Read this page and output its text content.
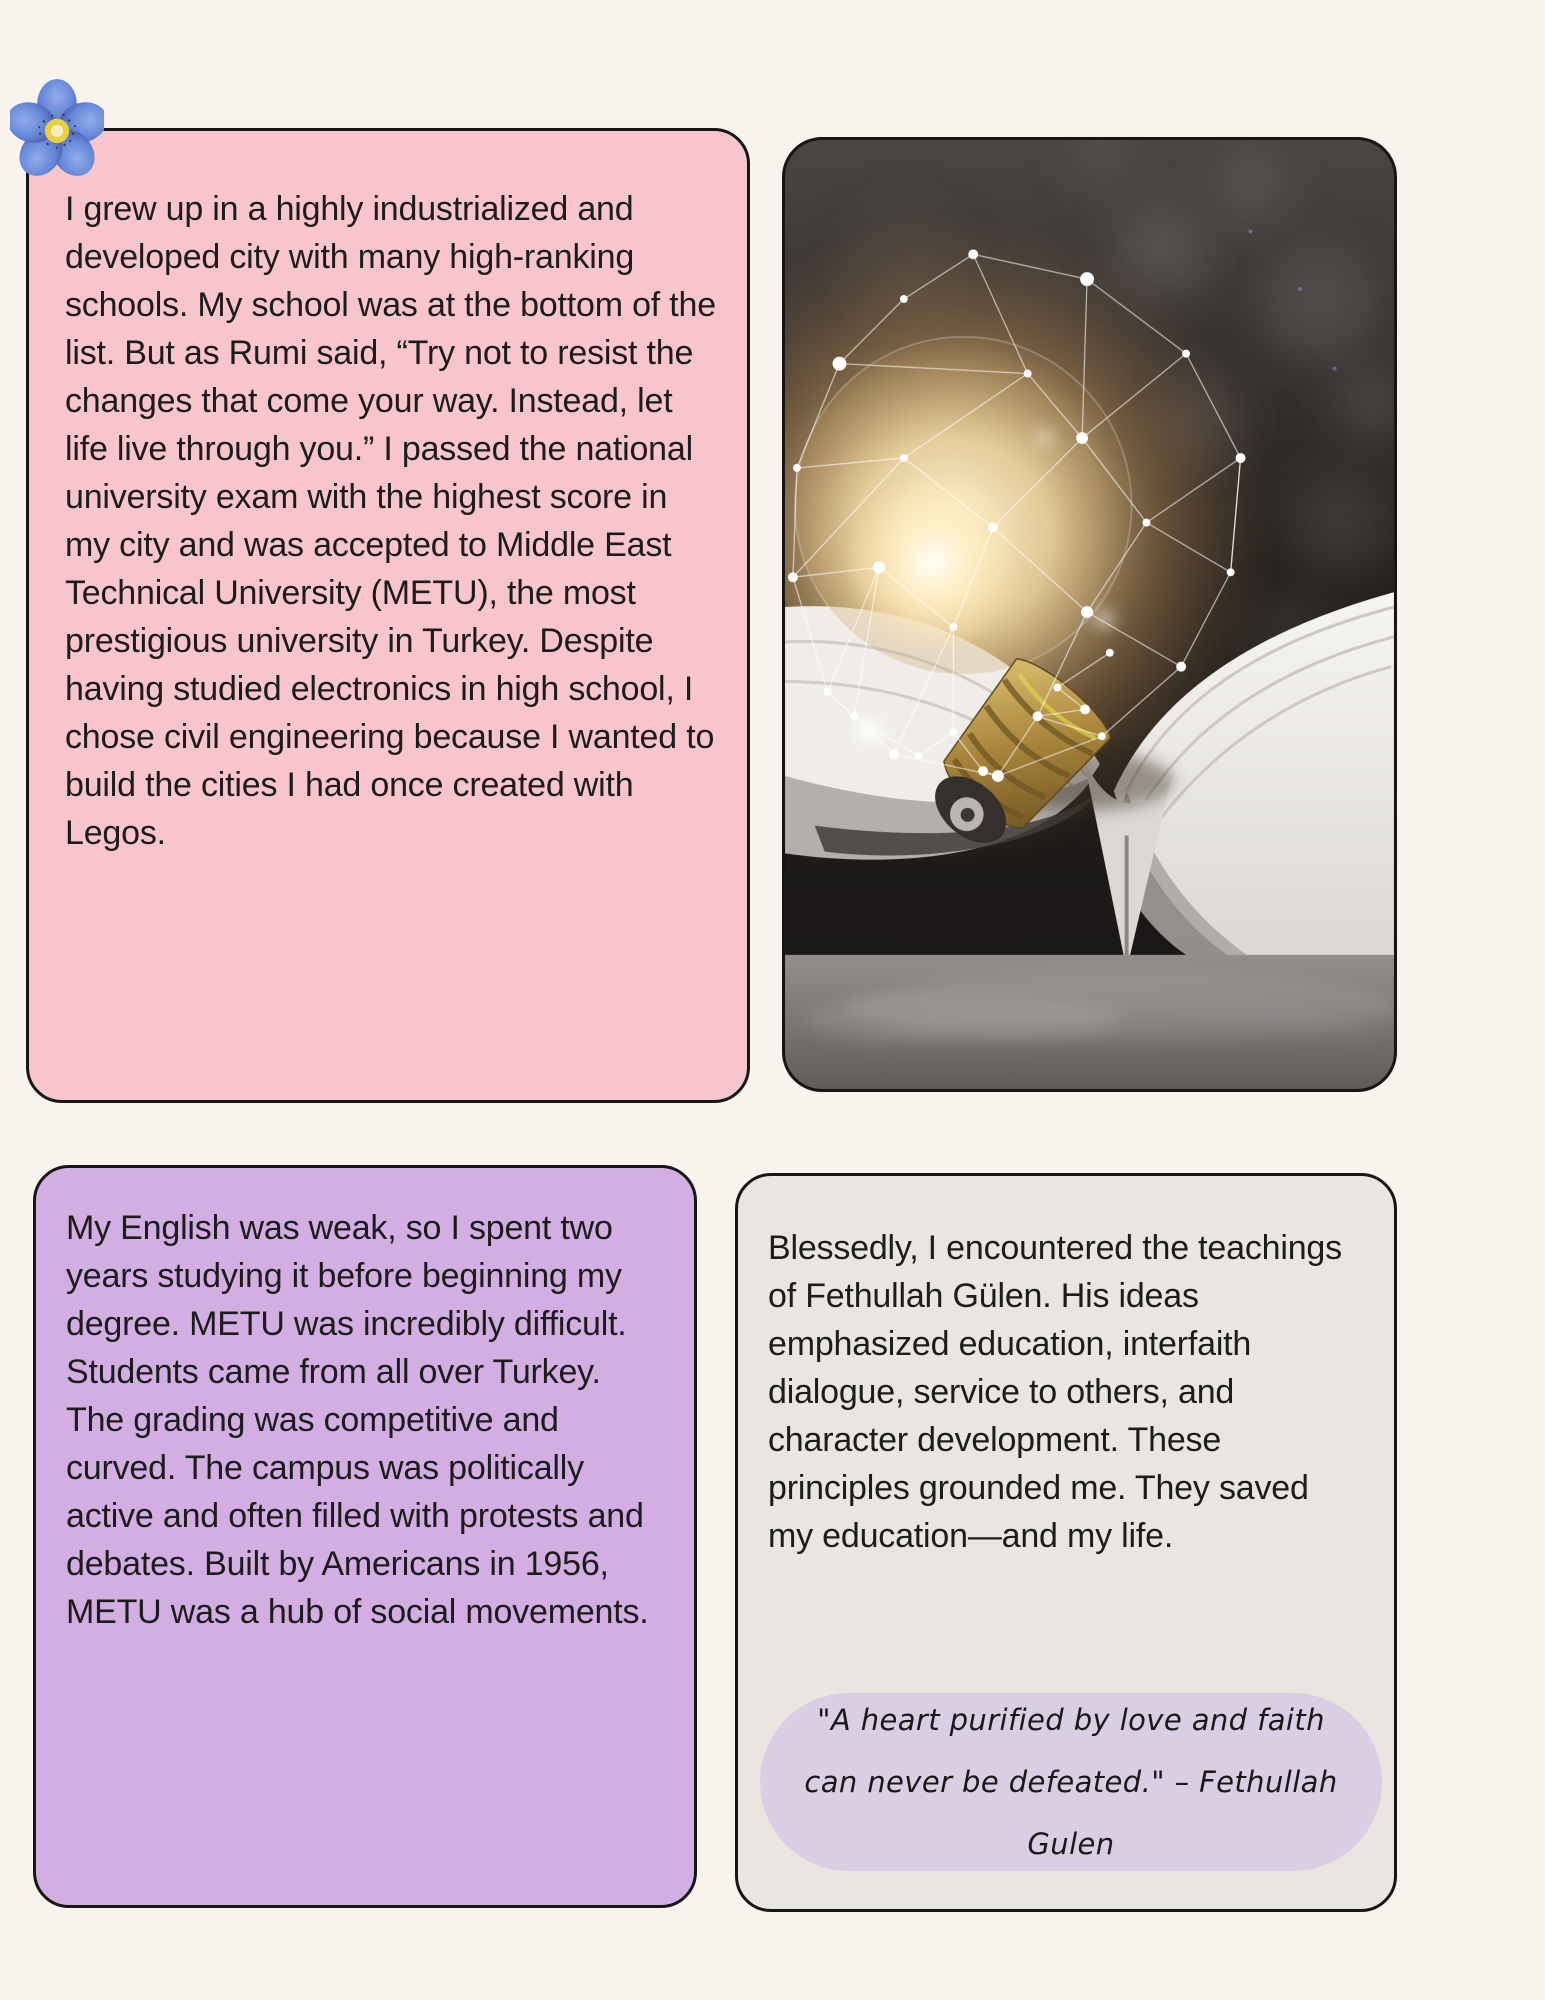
I grew up in a highly industrialized and developed city with many high-ranking schools. My school was at the bottom of the list. But as Rumi said, “Try not to resist the changes that come your way. Instead, let life live through you.” I passed the national university exam with the highest score in my city and was accepted to Middle East Technical University (METU), the most prestigious university in Turkey. Despite having studied electronics in high school, I chose civil engineering because I wanted to build the cities I had once created with Legos.

My English was weak, so I spent two years studying it before beginning my degree. METU was incredibly difficult. Students came from all over Turkey. The grading was competitive and curved. The campus was politically active and often filled with protests and debates. Built by Americans in 1956, METU was a hub of social movements.

Blessedly, I encountered the teachings of Fethullah Gülen. His ideas emphasized education, interfaith dialogue, service to others, and character development. These principles grounded me. They saved my education—and my life.

"A heart purified by love and faith can never be defeated." – Fethullah Gulen
